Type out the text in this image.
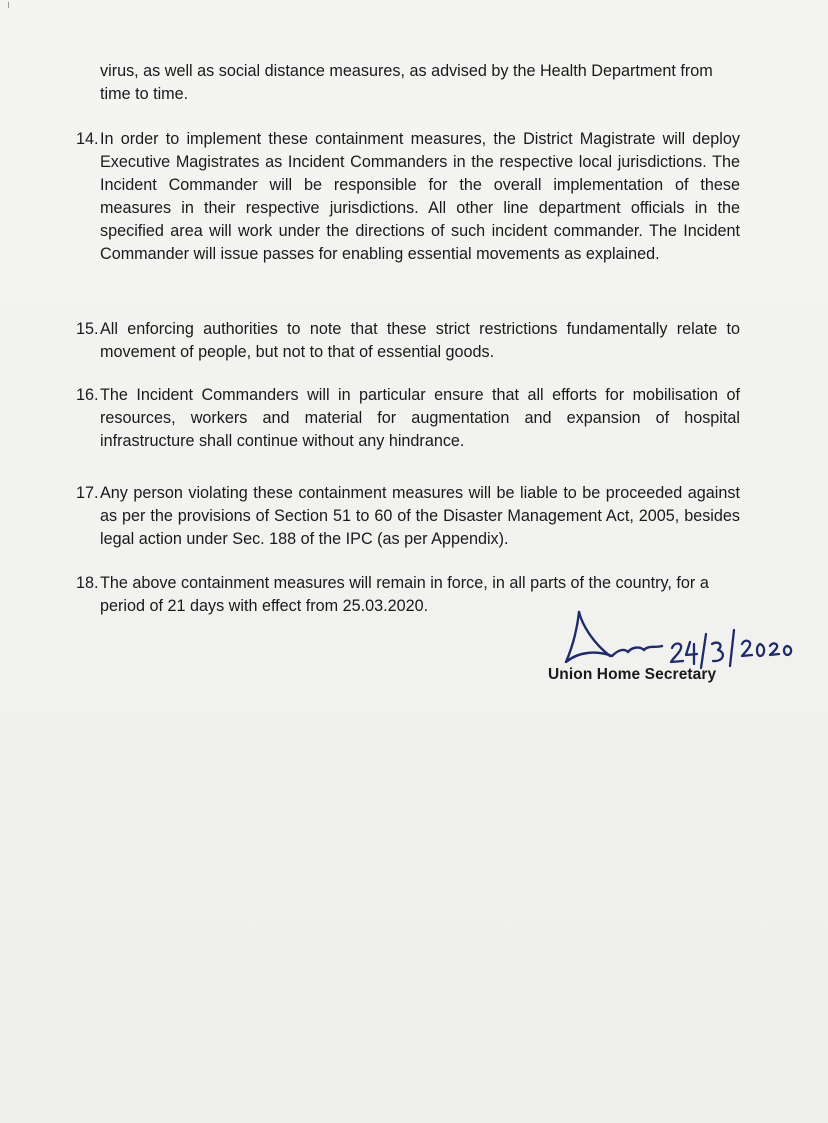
virus, as well as social distance measures, as advised by the Health Department from time to time.

14. In order to implement these containment measures, the District Magistrate will deploy Executive Magistrates as Incident Commanders in the respective local jurisdictions. The Incident Commander will be responsible for the overall implementation of these measures in their respective jurisdictions. All other line department officials in the specified area will work under the directions of such incident commander. The Incident Commander will issue passes for enabling essential movements as explained.
15. All enforcing authorities to note that these strict restrictions fundamentally relate to movement of people, but not to that of essential goods.
16. The Incident Commanders will in particular ensure that all efforts for mobilisation of resources, workers and material for augmentation and expansion of hospital infrastructure shall continue without any hindrance.
17. Any person violating these containment measures will be liable to be proceeded against as per the provisions of Section 51 to 60 of the Disaster Management Act, 2005, besides legal action under Sec. 188 of the IPC (as per Appendix).
18. The above containment measures will remain in force, in all parts of the country, for a period of 21 days with effect from 25.03.2020.	24/3/2020
Union Home Secretary
